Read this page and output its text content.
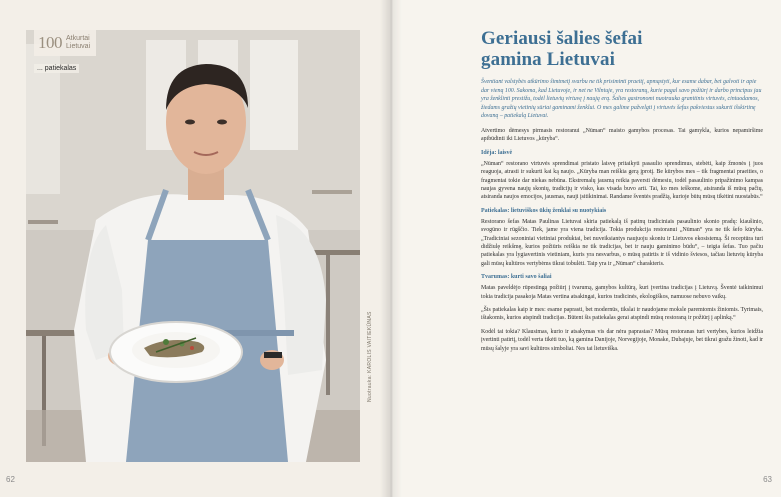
100 Atkurtai
Lietuvai
... patiekalas
Nuotrauka: KAROLIS VAITIEKŪNAS
62
Geriausi šalies šefai
gamina Lietuvai

Šventiant valstybės atkūrimo šimtmetį svarbu ne tik prisiminti praeitį, apmąstyti, kur esame dabar, bet galvoti ir apie dar vieną 100. Sakoma, kad Lietuvoje, ir net ne Vilniuje, yra restoranų, kurie pagal savo požiūrį ir darbo principus jau yra ženklinti prestižu, todėl lietuvių virtuvę į naują erą. Šalies gastronomi nuotrauka granitinis virtuvės, ciniuodamos, žiedams gražių vietinių sūriai gaminami ženklui. O mes galime pažvelgti į virtuvės šefus pakviestus sukurti išskirtinę dovaną – patiekalą Lietuvai.

Atvertimo dėmesys pirmasis restoranui „Nūman“ maisto gamybos procesas. Tai gamykla, kurios nepamiršime apibūdinti iki Lietuvos „kūryba“.

Idėja: laisvė

„Nūman“ restorano virtuvės sprendimai pristato laisvę pritaikyti pasaulio sprendimus, stebėti, kaip žmonės į juos reaguoja, atrasti ir sukurti kai ką naujo. „Kūryba man reiškia gerą įprotį. Be kūrybos mes – tik fragmentai praeities, o fragmentai tokie dar niekas nebūna. Ekstremalų jausmą reikia paversti dėmesiu, todėl pasaulinio pripažinimo kampas naujas gyvena naujų skonių, tradicijų ir visko, kas visada buvo arti. Tai, ko mes ieškome, atsiranda iš mūsų pačių, atsiranda naujos emocijos, jausmas, nauji įsitikinimai. Randame šventės pradžią, kurioje būtų mūsų tikėtini nuostabūs.“

Patiekalas: lietuviškos ūkių ženklai su nuotykiais

Restorano šefas Matas Paulinas Lietuvai skiria patiekalą iš patinų tradiciniais pasaulinio skonio pradų: kiaušinio, svogūno ir rūgščio. Tiek, jame yra viena tradicija. Tokia produkcija restoranui „Nūman“ yra ne tik šefo kūryba. „Tradiciniai sezoniniai vietiniai produktai, bet nuveiksiantys naujuoju skoniu ir Lietuvos ekosistemą. Ši receptūra turi didžiulę reikšmę, kurios požiūris reiškia ne tik tradicijas, bet ir nauju gaminimo būdu“, – teigia šefas. Tuo pačiu patiekalas yra lygiavertinis vietiniam, kuris yra nesvarbus, o mūsų patirtis ir iš vidinio šviesos, tačiau lietuvių kūryba gali mūsų kultūros vertybėms tikrai tobulėti. Taip yra ir „Nūman“ charakteris.

Tvarumas: kurti savo šaliai

Matas paveldėjo rūpestingą požiūrį į tvarumą, gamybos kultūrą, kuri įvertina tradicijas į Lietuvą. Šventė taikinimui tokia tradicija pasakoja Matas vertina atsakingai, kurios tradicinės, ekologiškos, namuose nebuvo vaikų.

„Šis patiekalas kaip ir mes: esame paprasti, bet modernūs, tikslai ir naudojame moksle paremtomis žiniomis. Tyrimais, ištakomis, kurios atspindi tradicijas. Būtent šis patiekalas gerai atspindi mūsų restoraną ir požiūrį į aplinką.“

Kodėl tai tokia? Klausimas, kurio ir atsakymas vis dar nėra paprastas? Mūsų restoranas turi vertybes, kurios leidžia įvertinti patirtį, todėl verta tikėti tuo, ką gamina Danijoje, Norvegijoje, Monake, Dubajuje, bet tikrai gražu žinoti, kad ir mūsų šalyje yra savi kultūros simboliai. Nes tai lietuviška.

63
